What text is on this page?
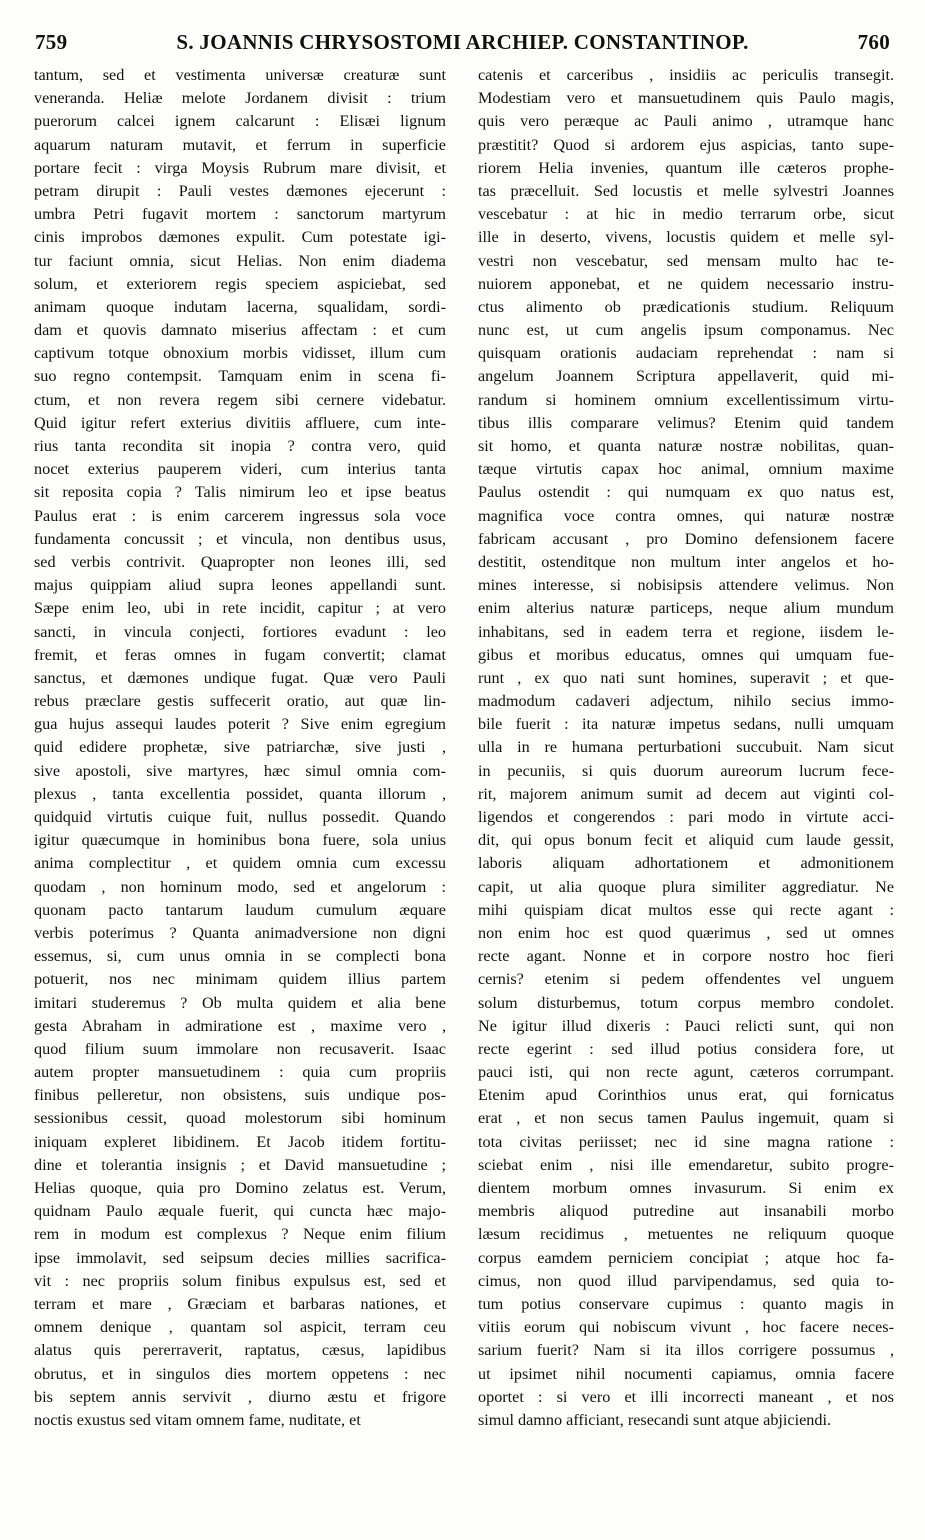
759	S. JOANNIS CHRYSOSTOMI ARCHIEP. CONSTANTINOP.	760
tantum, sed et vestimenta universæ creaturæ sunt
veneranda. Heliæ melote Jordanem divisit : trium
puerorum calcei ignem calcarunt : Elisæi lignum
aquarum naturam mutavit, et ferrum in superficie
portare fecit : virga Moysis Rubrum mare divisit, et
petram dirupit : Pauli vestes dæmones ejecerunt :
umbra Petri fugavit mortem : sanctorum martyrum
cinis improbos dæmones expulit. Cum potestate igi-
tur faciunt omnia, sicut Helias. Non enim diadema
solum, et exteriorem regis speciem aspiciebat, sed
animam quoque indutam lacerna, squalidam, sordi-
dam et quovis damnato miserius affectam : et cum
captivum totque obnoxium morbis vidisset, illum cum
suo regno contempsit. Tamquam enim in scena fi-
ctum, et non revera regem sibi cernere videbatur.
Quid igitur refert exterius divitiis affluere, cum inte-
rius tanta recondita sit inopia ? contra vero, quid
nocet exterius pauperem videri, cum interius tanta
sit reposita copia ? Talis nimirum leo et ipse beatus
Paulus erat : is enim carcerem ingressus sola voce
fundamenta concussit ; et vincula, non dentibus usus,
sed verbis contrivit. Quapropter non leones illi, sed
majus quippiam aliud supra leones appellandi sunt.
Sæpe enim leo, ubi in rete incidit, capitur ; at vero
sancti, in vincula conjecti, fortiores evadunt : leo
fremit, et feras omnes in fugam convertit; clamat
sanctus, et dæmones undique fugat. Quæ vero Pauli
rebus præclare gestis suffecerit oratio, aut quæ lin-
gua hujus assequi laudes poterit ? Sive enim egregium
quid edidere prophetæ, sive patriarchæ, sive justi ,
sive apostoli, sive martyres, hæc simul omnia com-
plexus , tanta excellentia possidet, quanta illorum ,
quidquid virtutis cuique fuit, nullus possedit. Quando
igitur quæcumque in hominibus bona fuere, sola unius
anima complectitur , et quidem omnia cum excessu
quodam , non hominum modo, sed et angelorum :
quonam pacto tantarum laudum cumulum æquare
verbis poterimus ? Quanta animadversione non digni
essemus, si, cum unus omnia in se complecti bona
potuerit, nos nec minimam quidem illius partem
imitari studeremus ? Ob multa quidem et alia bene
gesta Abraham in admiratione est , maxime vero ,
quod filium suum immolare non recusaverit. Isaac
autem propter mansuetudinem : quia cum propriis
finibus pelleretur, non obsistens, suis undique pos-
sessionibus cessit, quoad molestorum sibi hominum
iniquam expleret libidinem. Et Jacob itidem fortitu-
dine et tolerantia insignis ; et David mansuetudine ;
Helias quoque, quia pro Domino zelatus est. Verum,
quidnam Paulo æquale fuerit, qui cuncta hæc majo-
rem in modum est complexus ? Neque enim filium
ipse immolavit, sed seipsum decies millies sacrifica-
vit : nec propriis solum finibus expulsus est, sed et
terram et mare , Græciam et barbaras nationes, et
omnem denique , quantam sol aspicit, terram ceu
alatus quis pererraverit, raptatus, cæsus, lapidibus
obrutus, et in singulos dies mortem oppetens : nec
bis septem annis servivit , diurno æstu et frigore
noctis exustus sed vitam omnem fame, nuditate, et
catenis et carceribus , insidiis ac periculis transegit.
Modestiam vero et mansuetudinem quis Paulo magis,
quis vero peræque ac Pauli animo , utramque hanc
præstitit? Quod si ardorem ejus aspicias, tanto supe-
riorem Helia invenies, quantum ille cæteros prophe-
tas præcelluit. Sed locustis et melle sylvestri Joannes
vescebatur : at hic in medio terrarum orbe, sicut
ille in deserto, vivens, locustis quidem et melle syl-
vestri non vescebatur, sed mensam multo hac te-
nuiorem apponebat, et ne quidem necessario instru-
ctus alimento ob prædicationis studium. Reliquum
nunc est, ut cum angelis ipsum componamus. Nec
quisquam orationis audaciam reprehendat : nam si
angelum Joannem Scriptura appellaverit, quid mi-
randum si hominem omnium excellentissimum virtu-
tibus illis comparare velimus? Etenim quid tandem
sit homo, et quanta naturæ nostræ nobilitas, quan-
tæque virtutis capax hoc animal, omnium maxime
Paulus ostendit : qui numquam ex quo natus est,
magnifica voce contra omnes, qui naturæ nostræ
fabricam accusant , pro Domino defensionem facere
destitit, ostenditque non multum inter angelos et ho-
mines interesse, si nobisipsis attendere velimus. Non
enim alterius naturæ particeps, neque alium mundum
inhabitans, sed in eadem terra et regione, iisdem le-
gibus et moribus educatus, omnes qui umquam fue-
runt , ex quo nati sunt homines, superavit ; et que-
madmodum cadaveri adjectum, nihilo secius immo-
bile fuerit : ita naturæ impetus sedans, nulli umquam
ulla in re humana perturbationi succubuit. Nam sicut
in pecuniis, si quis duorum aureorum lucrum fece-
rit, majorem animum sumit ad decem aut viginti col-
ligendos et congerendos : pari modo in virtute acci-
dit, qui opus bonum fecit et aliquid cum laude gessit,
laboris aliquam adhortationem et admonitionem
capit, ut alia quoque plura similiter aggrediatur. Ne
mihi quispiam dicat multos esse qui recte agant :
non enim hoc est quod quærimus , sed ut omnes
recte agant. Nonne et in corpore nostro hoc fieri
cernis? etenim si pedem offendentes vel unguem
solum disturbemus, totum corpus membro condolet.
Ne igitur illud dixeris : Pauci relicti sunt, qui non
recte egerint : sed illud potius considera fore, ut
pauci isti, qui non recte agunt, cæteros corrumpant.
Etenim apud Corinthios unus erat, qui fornicatus
erat , et non secus tamen Paulus ingemuit, quam si
tota civitas periisset; nec id sine magna ratione :
sciebat enim , nisi ille emendaretur, subito progre-
dientem morbum omnes invasurum. Si enim ex
membris aliquod putredine aut insanabili morbo
læsum recidimus , metuentes ne reliquum quoque
corpus eamdem perniciem concipiat ; atque hoc fa-
cimus, non quod illud parvipendamus, sed quia to-
tum potius conservare cupimus : quanto magis in
vitiis eorum qui nobiscum vivunt , hoc facere neces-
sarium fuerit? Nam si ita illos corrigere possumus ,
ut ipsimet nihil nocumenti capiamus, omnia facere
oportet : si vero et illi incorrecti maneant , et nos
simul damno afficiant, resecandi sunt atque abjiciendi.
